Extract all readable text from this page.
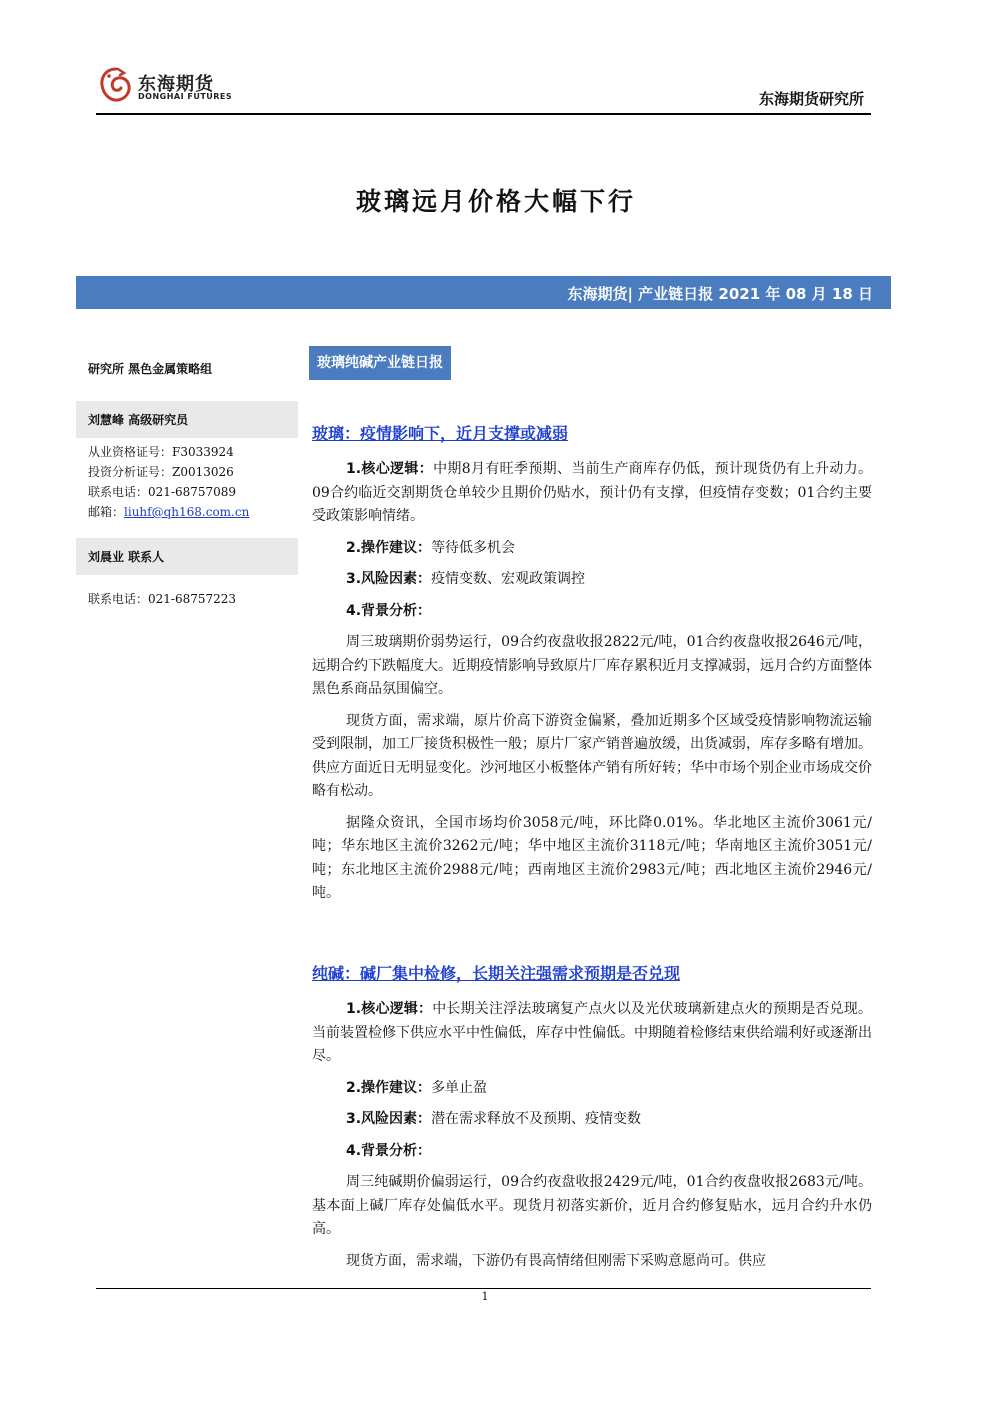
东海期货
DONGHAI FUTURES	东海期货研究所
玻璃远月价格大幅下行
东海期货| 产业链日报 2021 年 08 月 18 日
研究所 黑色金属策略组
刘慧峰 高级研究员
从业资格证号：F3033924
投资分析证号：Z0013026
联系电话：021-68757089
邮箱：liuhf@qh168.com.cn
刘晨业 联系人
联系电话：021-68757223
玻璃纯碱产业链日报
玻璃：疫情影响下，近月支撑或减弱

1.核心逻辑：中期8月有旺季预期、当前生产商库存仍低，预计现货仍有上升动力。09合约临近交割期货仓单较少且期价仍贴水，预计仍有支撑，但疫情存变数；01合约主要受政策影响情绪。

2.操作建议：等待低多机会

3.风险因素：疫情变数、宏观政策调控

4.背景分析：

周三玻璃期价弱势运行，09合约夜盘收报2822元/吨，01合约夜盘收报2646元/吨，远期合约下跌幅度大。近期疫情影响导致原片厂库存累积近月支撑减弱，远月合约方面整体黑色系商品氛围偏空。

现货方面，需求端，原片价高下游资金偏紧，叠加近期多个区域受疫情影响物流运输受到限制，加工厂接货积极性一般；原片厂家产销普遍放缓，出货减弱，库存多略有增加。供应方面近日无明显变化。沙河地区小板整体产销有所好转；华中市场个别企业市场成交价略有松动。

据隆众资讯，全国市场均价3058元/吨，环比降0.01%。华北地区主流价3061元/吨；华东地区主流价3262元/吨；华中地区主流价3118元/吨；华南地区主流价3051元/吨；东北地区主流价2988元/吨；西南地区主流价2983元/吨；西北地区主流价2946元/吨。

纯碱：碱厂集中检修，长期关注强需求预期是否兑现

1.核心逻辑：中长期关注浮法玻璃复产点火以及光伏玻璃新建点火的预期是否兑现。当前装置检修下供应水平中性偏低，库存中性偏低。中期随着检修结束供给端利好或逐渐出尽。

2.操作建议：多单止盈

3.风险因素：潜在需求释放不及预期、疫情变数

4.背景分析：

周三纯碱期价偏弱运行，09合约夜盘收报2429元/吨，01合约夜盘收报2683元/吨。基本面上碱厂库存处偏低水平。现货月初落实新价，近月合约修复贴水，远月合约升水仍高。

现货方面，需求端，下游仍有畏高情绪但刚需下采购意愿尚可。供应

1
